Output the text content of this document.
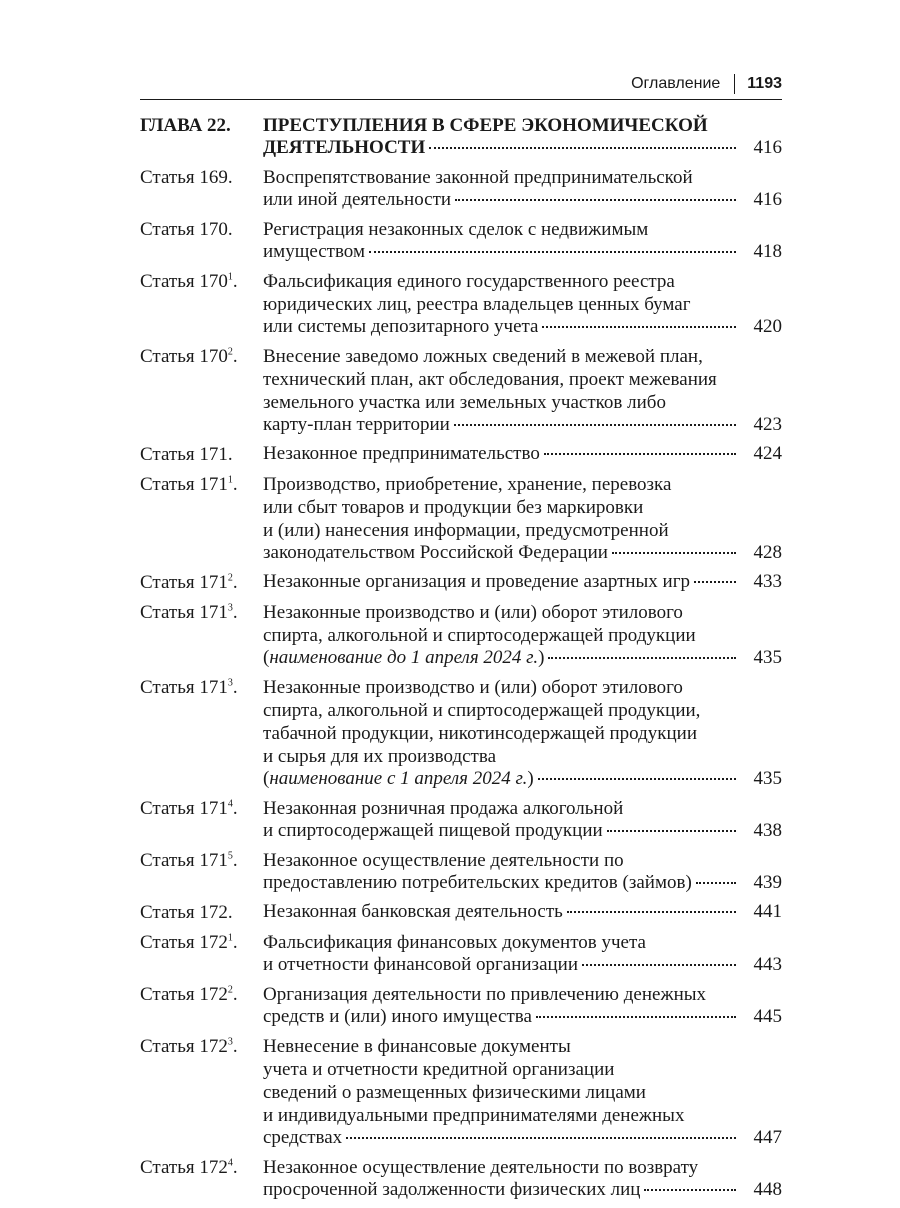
Оглавление 1193
ГЛАВА 22.	ПРЕСТУПЛЕНИЯ В СФЕРЕ ЭКОНОМИЧЕСКОЙ
ДЕЯТЕЛЬНОСТИ	416
Статья 169.	Воспрепятствование законной предпринимательской
или иной деятельности	416
Статья 170.	Регистрация незаконных сделок с недвижимым
имуществом	418
Статья $170^1$.	Фальсификация единого государственного реестра
юридических лиц, реестра владельцев ценных бумаг
или системы депозитарного учета	420
Статья $170^2$.	Внесение заведомо ложных сведений в межевой план,
технический план, акт обследования, проект межевания
земельного участка или земельных участков либо
карту-план территории	423
Статья 171.	Незаконное предпринимательство	424
Статья $171^1$.	Производство, приобретение, хранение, перевозка
или сбыт товаров и продукции без маркировки
и (или) нанесения информации, предусмотренной
законодательством Российской Федерации	428
Статья $171^2$.	Незаконные организация и проведение азартных игр	433
Статья $171^3$.	Незаконные производство и (или) оборот этилового
спирта, алкогольной и спиртосодержащей продукции
(наименование до 1 апреля 2024 г.)	435
Статья $171^3$.	Незаконные производство и (или) оборот этилового
спирта, алкогольной и спиртосодержащей продукции,
табачной продукции, никотинсодержащей продукции
и сырья для их производства
(наименование с 1 апреля 2024 г.)	435
Статья $171^4$.	Незаконная розничная продажа алкогольной
и спиртосодержащей пищевой продукции	438
Статья $171^5$.	Незаконное осуществление деятельности по
предоставлению потребительских кредитов (займов)	439
Статья 172.	Незаконная банковская деятельность	441
Статья $172^1$.	Фальсификация финансовых документов учета
и отчетности финансовой организации	443
Статья $172^2$.	Организация деятельности по привлечению денежных
средств и (или) иного имущества	445
Статья $172^3$.	Невнесение в финансовые документы
учета и отчетности кредитной организации
сведений о размещенных физическими лицами
и индивидуальными предпринимателями денежных
средствах	447
Статья $172^4$.	Незаконное осуществление деятельности по возврату
просроченной задолженности физических лиц	448
